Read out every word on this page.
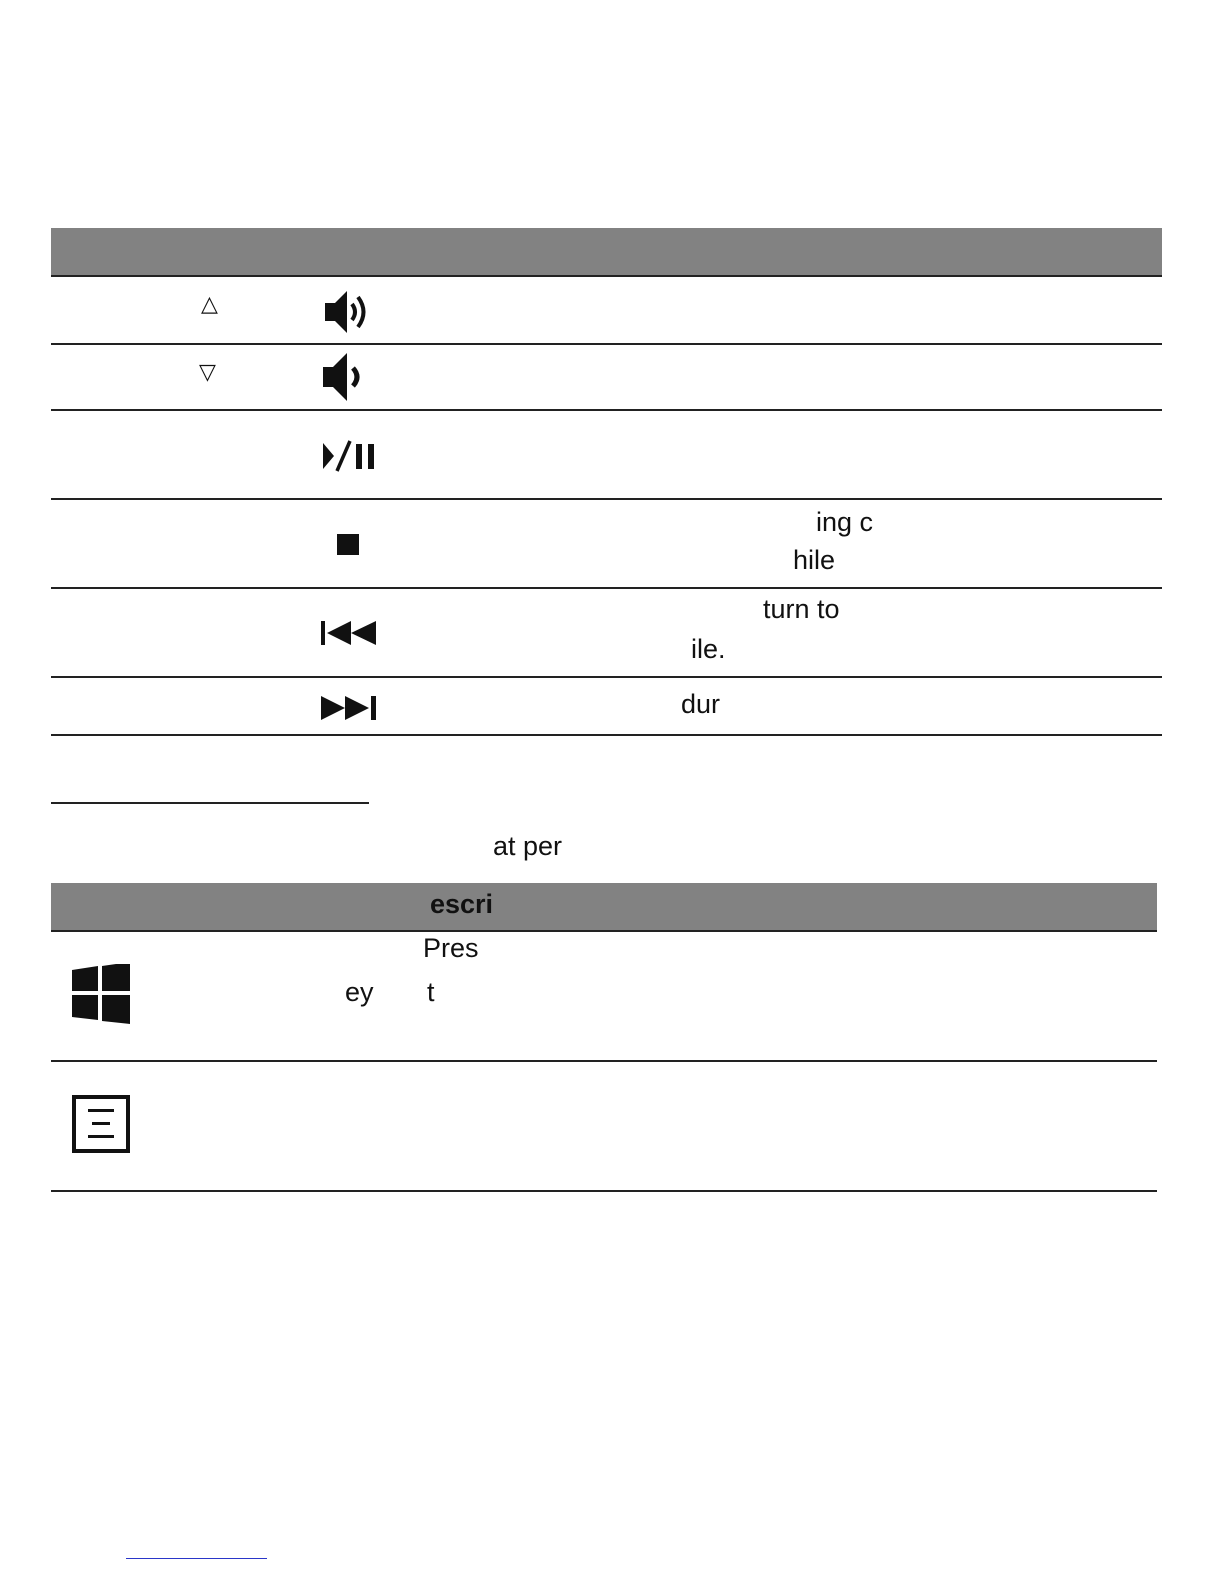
△
▽
ing c
hile
turn to
ile.
dur
at per
escri
Pres
ey t
